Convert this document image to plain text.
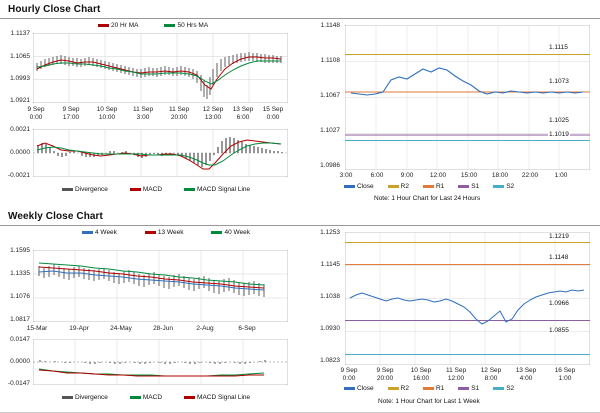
Hourly Close Chart
20 Hr MA	50 Hrs MA
1.1137
1.1065
1.0993
1.0921
9 Sep
0:00
9 Sep
17:00
10 Sep
10:00
11 Sep
3:00
11 Sep
20:00
12 Sep
13:00
13 Sep
6:00
15 Sep
0:00
0.0021
0.0000
-0.0021
Divergence	MACD	MACD Signal Line
1.1148
1.1108
1.1067
1.1027
1.0986
1.1115
1.1073
1.1025
1.1019
3:00	6:00	9:00	12:00	15:00	18:00	22:00	1:00
Close	R2	R1	S1	S2
Note: 1 Hour Chart for Last 24 Hours
Weekly Close Chart
4 Week	13 Week	40 Week
1.1595
1.1335
1.1076
1.0817
15-Mar	19-Apr	24-May	28-Jun	2-Aug	6-Sep
0.0147
0.0000
-0.0147
Divergence	MACD	MACD Signal Line
1.1253
1.1145
1.1038
1.0930
1.0823
1.1219
1.1148
1.0966
1.0855
9 Sep
0:00
9 Sep
20:00
10 Sep
16:00
11 Sep
12:00
12 Sep
8:00
13 Sep
4:00
16 Sep
1:00
Close	R2	R1	S1	S2
Note: 1 Hour Chart for Last 1 Week
